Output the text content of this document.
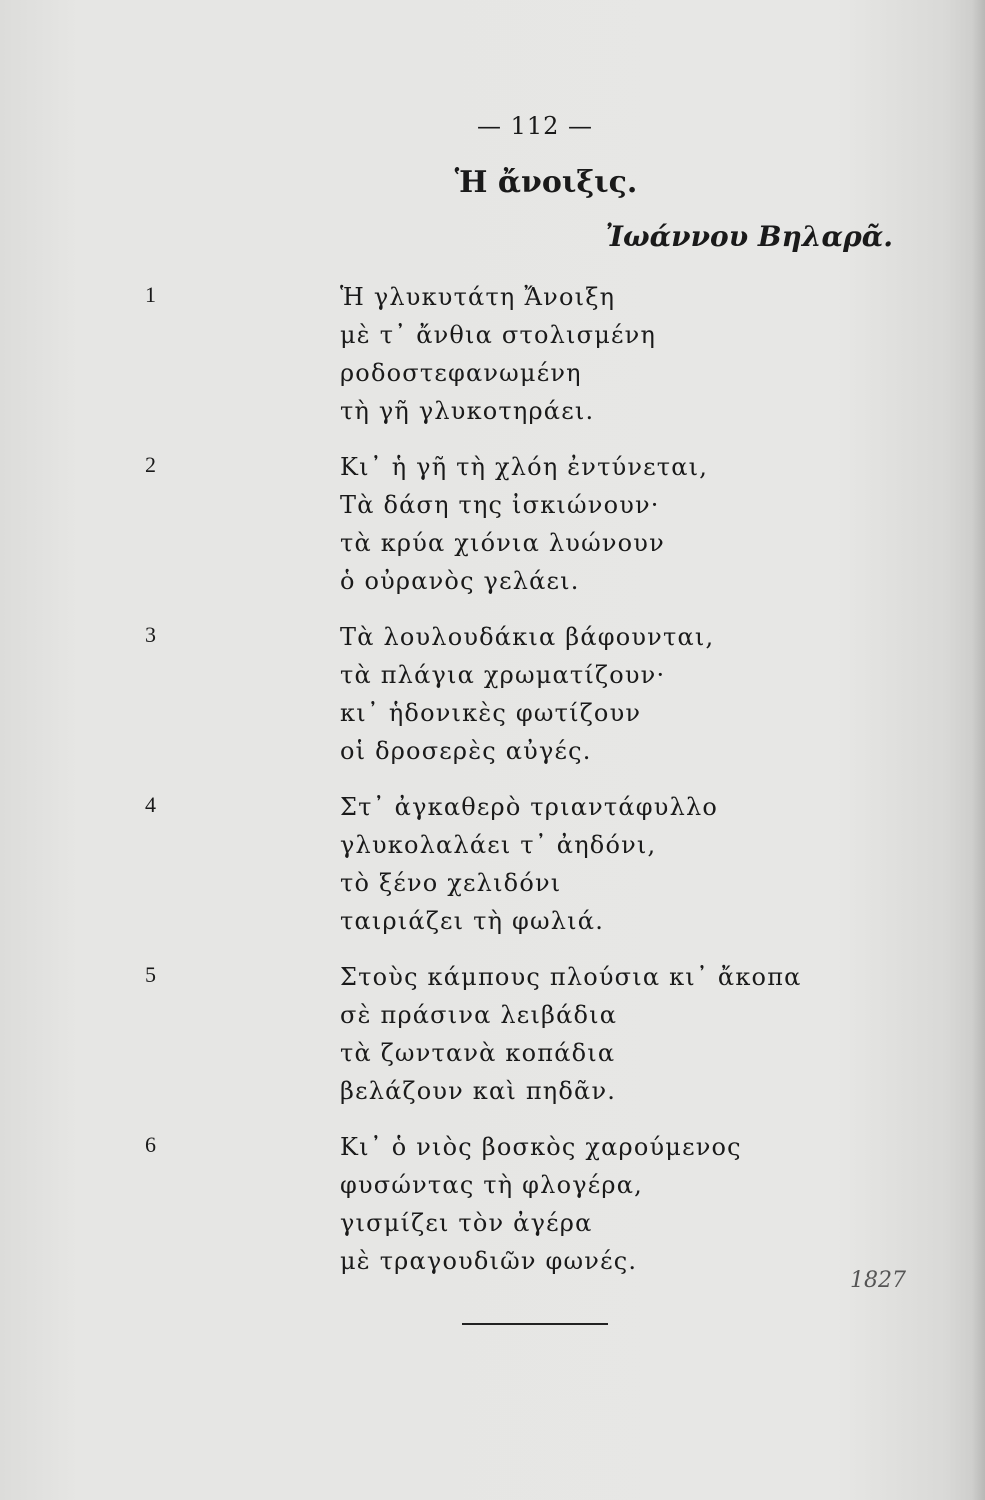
— 112 —
Ἡ ἄνοιξις.
Ἰωάννου Βηλαρᾶ.
1	Ἡ γλυκυτάτη Ἄνοιξη
μὲ τ᾽ ἄνθια στολισμένη
ροδοστεφανωμένη
τὴ γῆ γλυκοτηράει.
2	Κι᾽ ἡ γῆ τὴ χλόη ἐντύνεται,
Τὰ δάση της ἰσκιώνουν·
τὰ κρύα χιόνια λυώνουν
ὁ οὐρανὸς γελάει.
3	Τὰ λουλουδάκια βάφουνται,
τὰ πλάγια χρωματίζουν·
κι᾽ ἡδονικὲς φωτίζουν
οἱ δροσερὲς αὐγές.
4	Στ᾽ ἀγκαθερὸ τριαντάφυλλο
γλυκολαλάει τ᾽ ἀηδόνι,
τὸ ξένο χελιδόνι
ταιριάζει τὴ φωλιά.
5	Στοὺς κάμπους πλούσια κι᾽ ἄκοπα
σὲ πράσινα λειβάδια
τὰ ζωντανὰ κοπάδια
βελάζουν καὶ πηδᾶν.
6	Κι᾽ ὁ νιὸς βοσκὸς χαρούμενος
φυσώντας τὴ φλογέρα,
γισμίζει τὸν ἀγέρα
μὲ τραγουδιῶν φωνές.
1827
